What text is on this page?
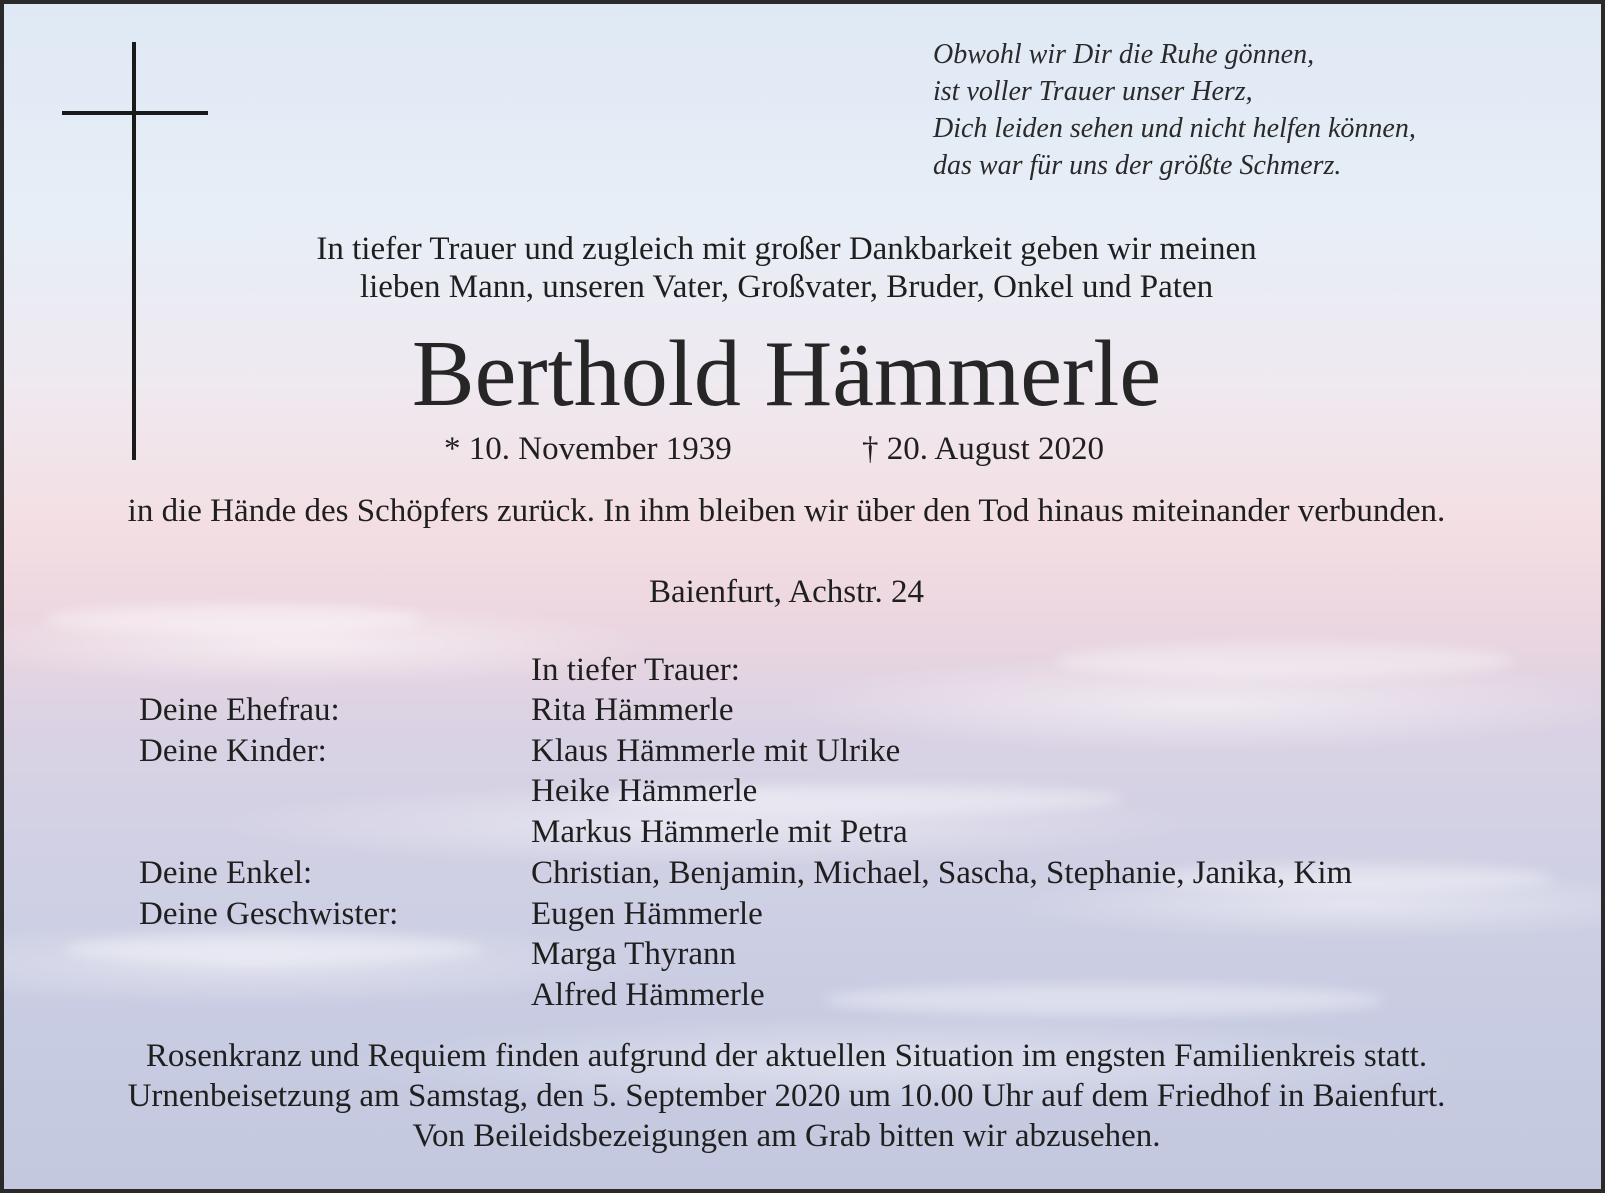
Obwohl wir Dir die Ruhe gönnen,
ist voller Trauer unser Herz,
Dich leiden sehen und nicht helfen können,
das war für uns der größte Schmerz.
In tiefer Trauer und zugleich mit großer Dankbarkeit geben wir meinen
lieben Mann, unseren Vater, Großvater, Bruder, Onkel und Paten
Berthold Hämmerle
* 10. November 1939	† 20. August 2020
in die Hände des Schöpfers zurück. In ihm bleiben wir über den Tod hinaus miteinander verbunden.
Baienfurt, Achstr. 24
In tiefer Trauer:
Deine Ehefrau:	Rita Hämmerle
Deine Kinder:	Klaus Hämmerle mit Ulrike
Heike Hämmerle
Markus Hämmerle mit Petra
Deine Enkel:	Christian, Benjamin, Michael, Sascha, Stephanie, Janika, Kim
Deine Geschwister:	Eugen Hämmerle
Marga Thyrann
Alfred Hämmerle
Rosenkranz und Requiem finden aufgrund der aktuellen Situation im engsten Familienkreis statt.
Urnenbeisetzung am Samstag, den 5. September 2020 um 10.00 Uhr auf dem Friedhof in Baienfurt.
Von Beileidsbezeigungen am Grab bitten wir abzusehen.
